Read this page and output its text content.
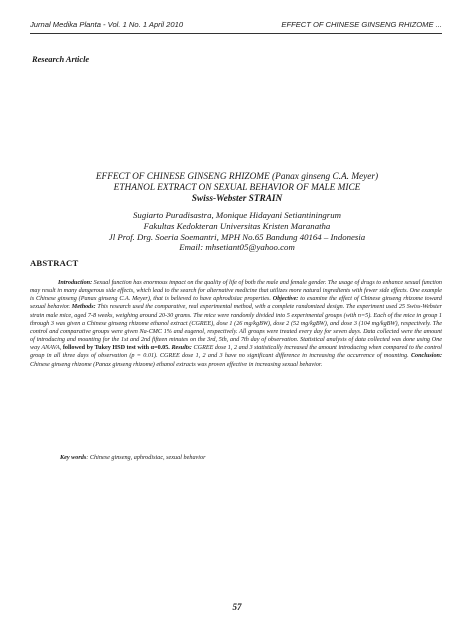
Jurnal Medika Planta - Vol. 1 No. 1 April 2010	EFFECT OF CHINESE GINSENG RHIZOME ...
Research Article
EFFECT OF CHINESE GINSENG RHIZOME (Panax ginseng C.A. Meyer)
ETHANOL EXTRACT ON SEXUAL BEHAVIOR OF MALE MICE
Swiss-Webster STRAIN
Sugiarto Puradisastra, Monique Hidayani Setiantiningrum
Fakultas Kedokteran Universitas Kristen Maranatha
Jl Prof. Drg. Soeria Soemantri, MPH No.65 Bandung 40164 – Indonesia
Email: mhsetiant05@yahoo.com
ABSTRACT
Introduction: Sexual function has enormous impact on the quality of life of both the male and female gender. The usage of drugs to enhance sexual function may result in many dangerous side effects, which lead to the search for alternative medicine that utilizes more natural ingredients with fewer side effects. One example is Chinese ginseng (Panax ginseng C.A. Meyer), that is believed to have aphrodisiac properties. Objective: to examine the effect of Chinese ginseng rhizome toward sexual behavior. Methods: This research used the comparative, real experimental method, with a complete randomized design. The experiment used 25 Swiss-Webster strain male mice, aged 7-8 weeks, weighing around 20-30 grams. The mice were randomly divided into 5 experimental groups (with n=5). Each of the mice in group 1 through 3 was given a Chinese ginseng rhizome ethanol extract (CGREE), dose 1 (26 mg/kgBW), dose 2 (52 mg/kgBW), and dose 3 (104 mg/kgBW), respectively. The control and comparative groups were given Na-CMC 1% and eugenol, respectively. All groups were treated every day for seven days. Data collected were the amount of introducing and mounting for the 1st and 2nd fifteen minutes on the 3rd, 5th, and 7th day of observation. Statistical analysis of data collected was done using One way ANAVA, followed by Tukey HSD test with α=0.05. Results: CGREE dose 1, 2 and 3 statistically increased the amount introducing when compared to the control group in all three days of observation (p = 0.01). CGREE dose 1, 2 and 3 have no significant difference in increasing the occurrence of mounting. Conclusion: Chinese ginseng rhizome (Panax ginseng rhizome) ethanol extracts was proven effective in increasing sexual behavior.
Key words: Chinese ginseng, aphrodisiac, sexual behavior
57
